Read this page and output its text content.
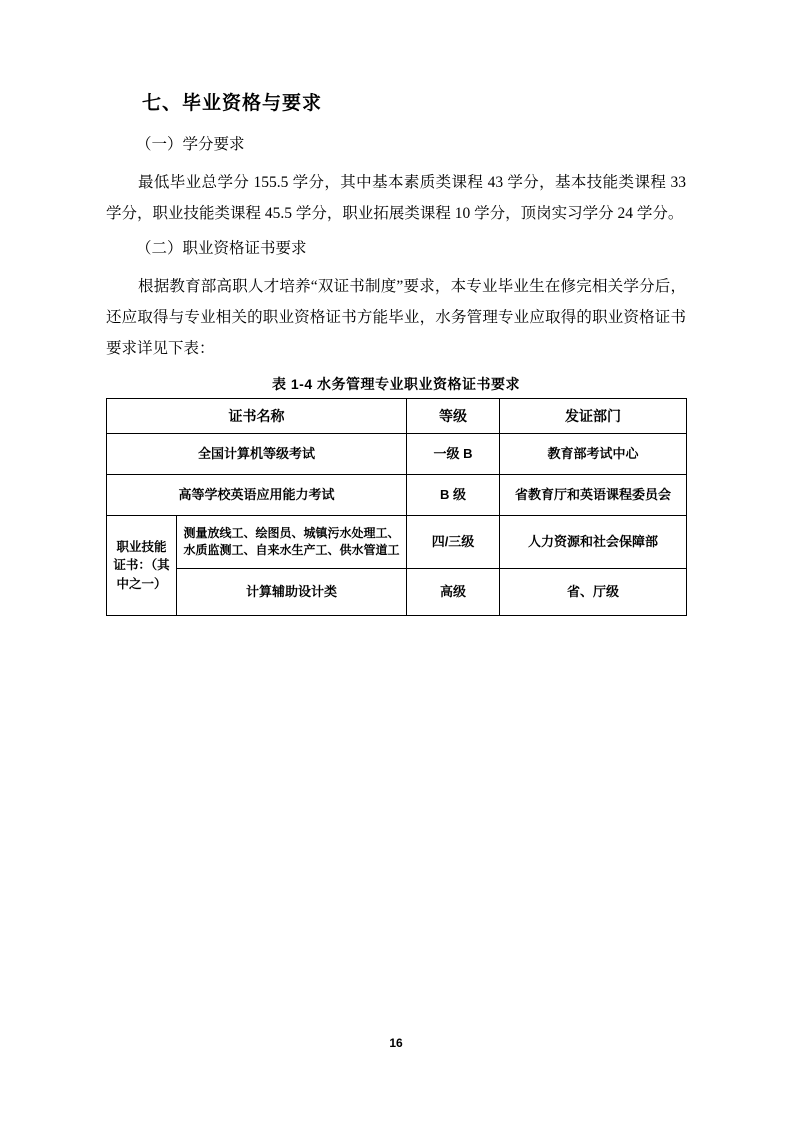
七、毕业资格与要求

（一）学分要求

最低毕业总学分 155.5 学分，其中基本素质类课程 43 学分，基本技能类课程 33 学分，职业技能类课程 45.5 学分，职业拓展类课程 10 学分，顶岗实习学分 24 学分。

（二）职业资格证书要求

根据教育部高职人才培养“双证书制度”要求，本专业毕业生在修完相关学分后，还应取得与专业相关的职业资格证书方能毕业，水务管理专业应取得的职业资格证书要求详见下表：

表 1-4 水务管理专业职业资格证书要求
证书名称		等级	发证部门
全国计算机等级考试		一级 B	教育部考试中心
高等学校英语应用能力考试		B 级	省教育厅和英语课程委员会
职业技能证书：（其中之一）	测量放线工、绘图员、城镇污水处理工、水质监测工、自来水生产工、供水管道工	四/三级	人力资源和社会保障部
	计算辅助设计类	高级	省、厅级
16
